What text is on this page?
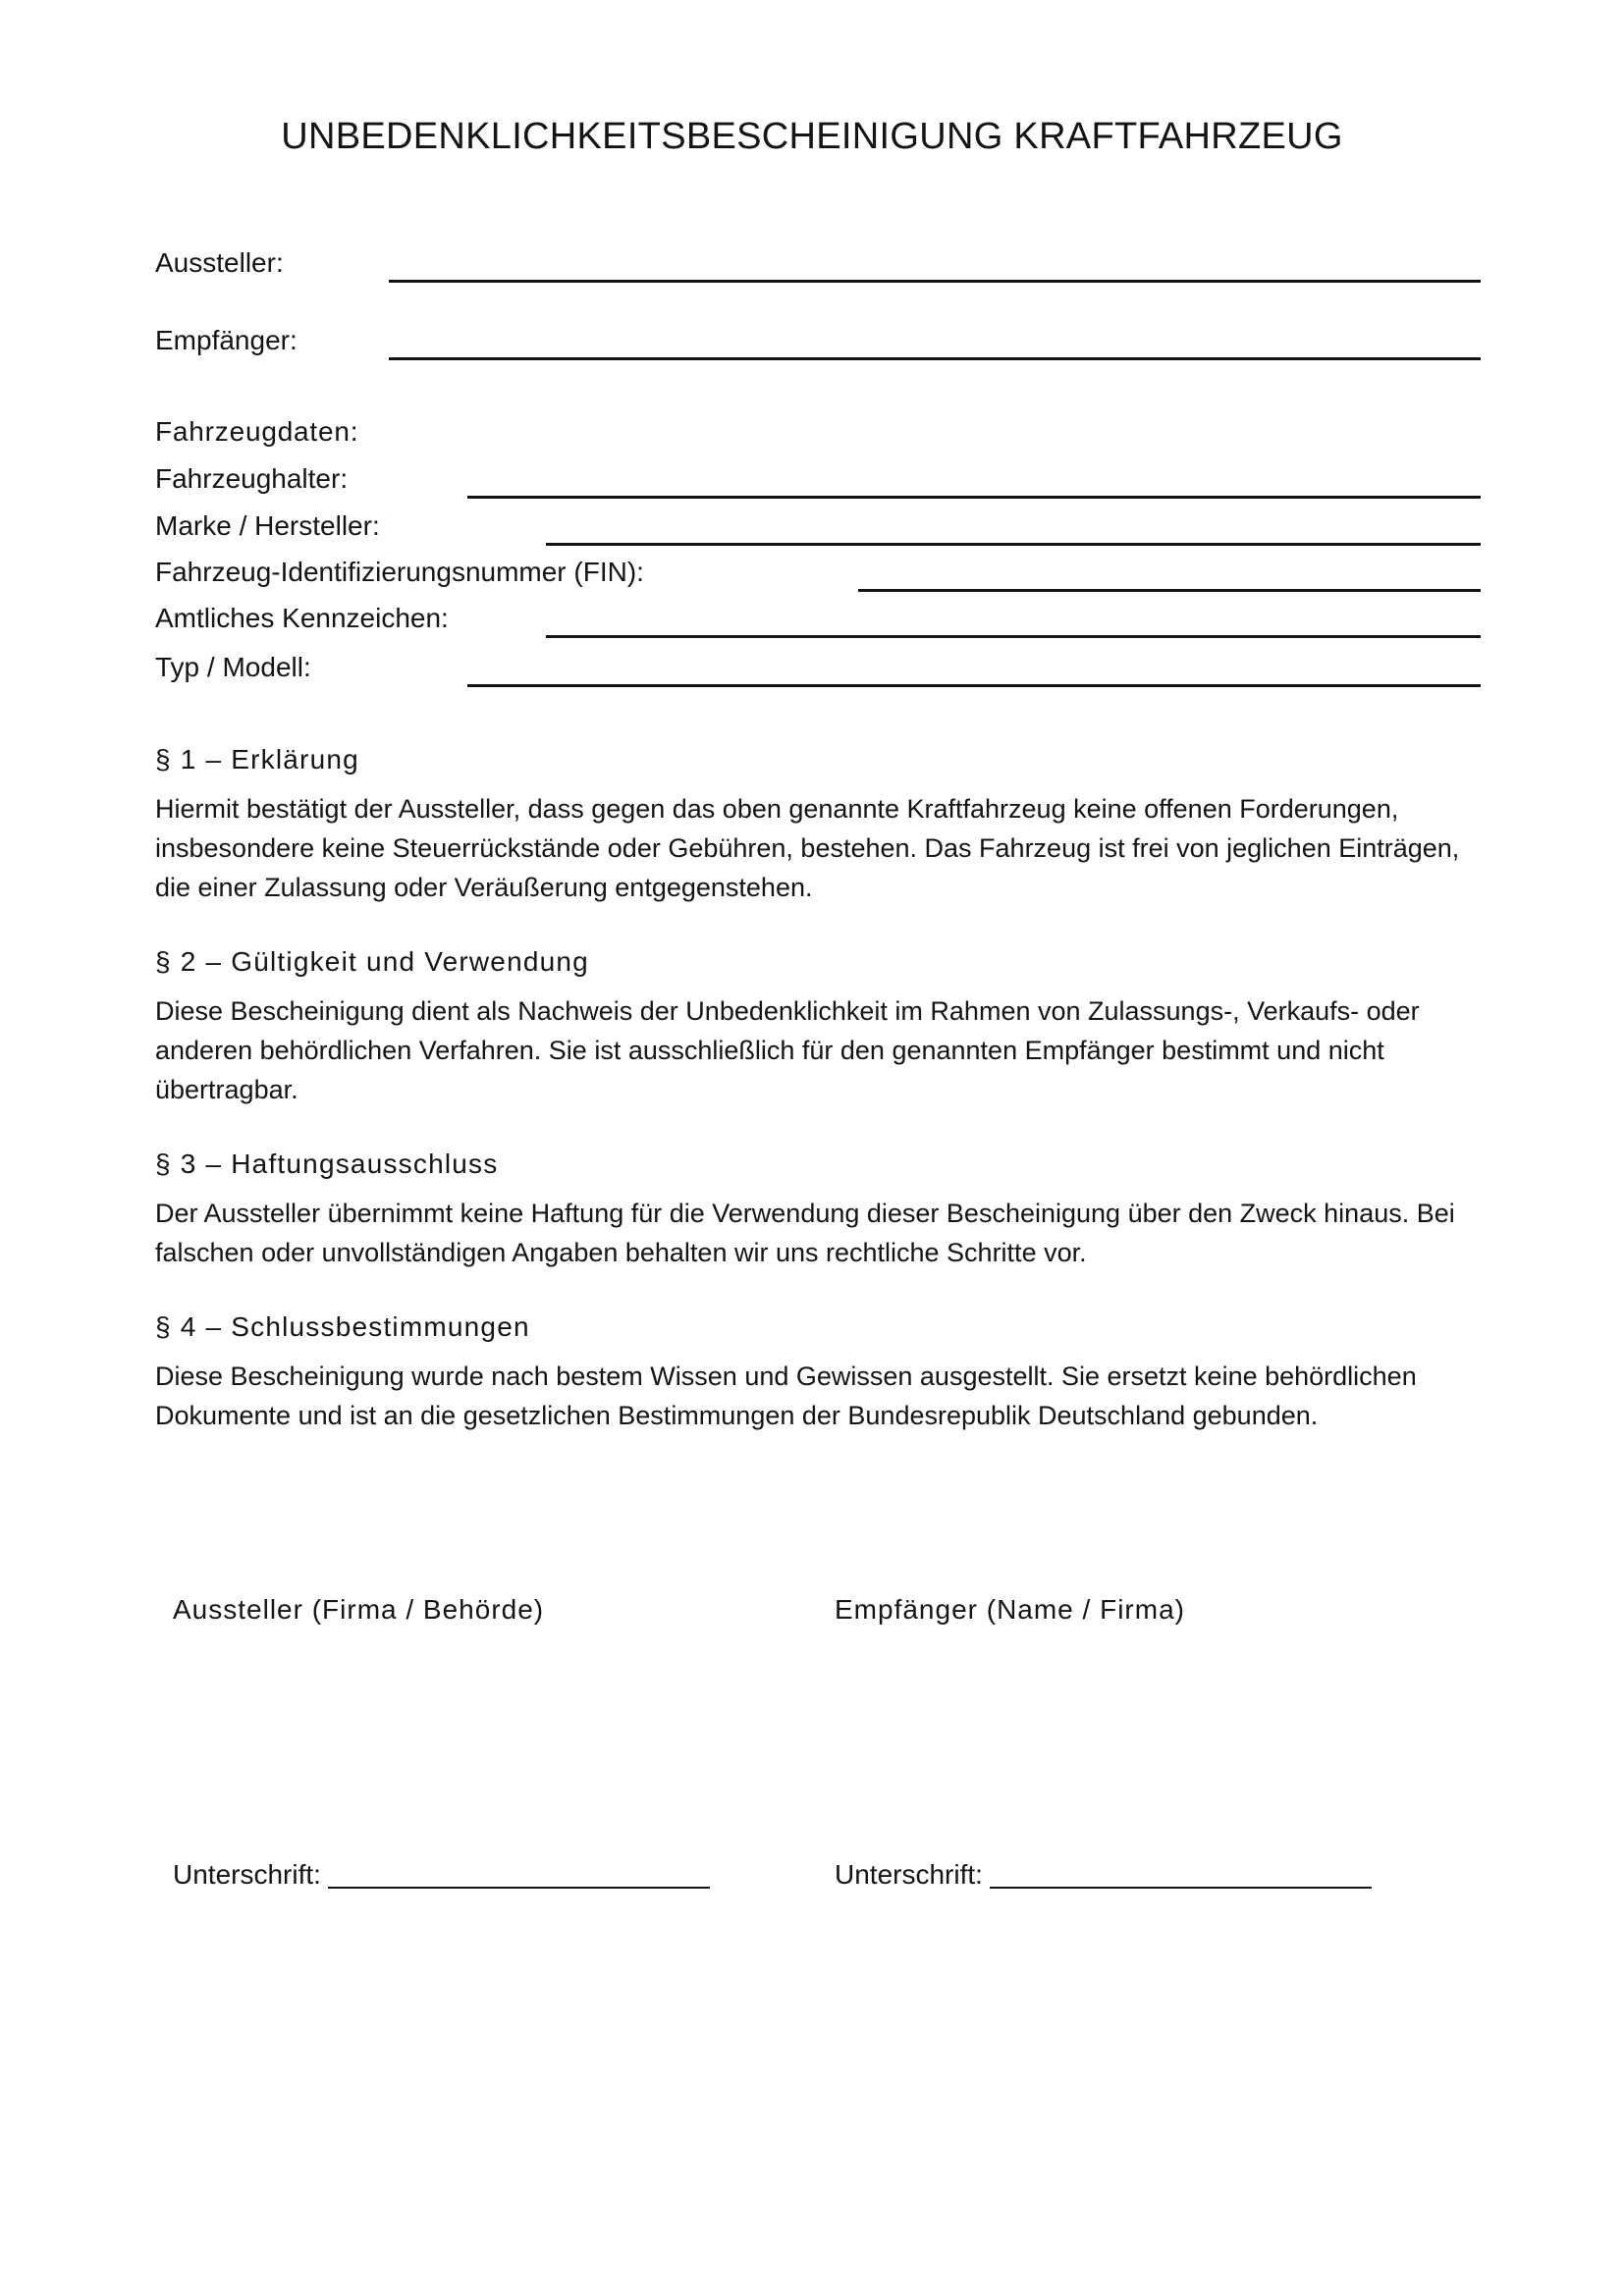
UNBEDENKLICHKEITSBESCHEINIGUNG KRAFTFAHRZEUG
Aussteller:
Empfänger:
Fahrzeugdaten:
Fahrzeughalter:
Marke / Hersteller:
Fahrzeug-Identifizierungsnummer (FIN):
Amtliches Kennzeichen:
Typ / Modell:
§ 1 – Erklärung

Hiermit bestätigt der Aussteller, dass gegen das oben genannte Kraftfahrzeug keine offenen Forderungen, insbesondere keine Steuerrückstände oder Gebühren, bestehen. Das Fahrzeug ist frei von jeglichen Einträgen, die einer Zulassung oder Veräußerung entgegenstehen.

§ 2 – Gültigkeit und Verwendung

Diese Bescheinigung dient als Nachweis der Unbedenklichkeit im Rahmen von Zulassungs-, Verkaufs- oder anderen behördlichen Verfahren. Sie ist ausschließlich für den genannten Empfänger bestimmt und nicht übertragbar.

§ 3 – Haftungsausschluss

Der Aussteller übernimmt keine Haftung für die Verwendung dieser Bescheinigung über den Zweck hinaus. Bei falschen oder unvollständigen Angaben behalten wir uns rechtliche Schritte vor.

§ 4 – Schlussbestimmungen

Diese Bescheinigung wurde nach bestem Wissen und Gewissen ausgestellt. Sie ersetzt keine behördlichen Dokumente und ist an die gesetzlichen Bestimmungen der Bundesrepublik Deutschland gebunden.

Aussteller (Firma / Behörde)	Empfänger (Name / Firma)
Unterschrift:	Unterschrift:
